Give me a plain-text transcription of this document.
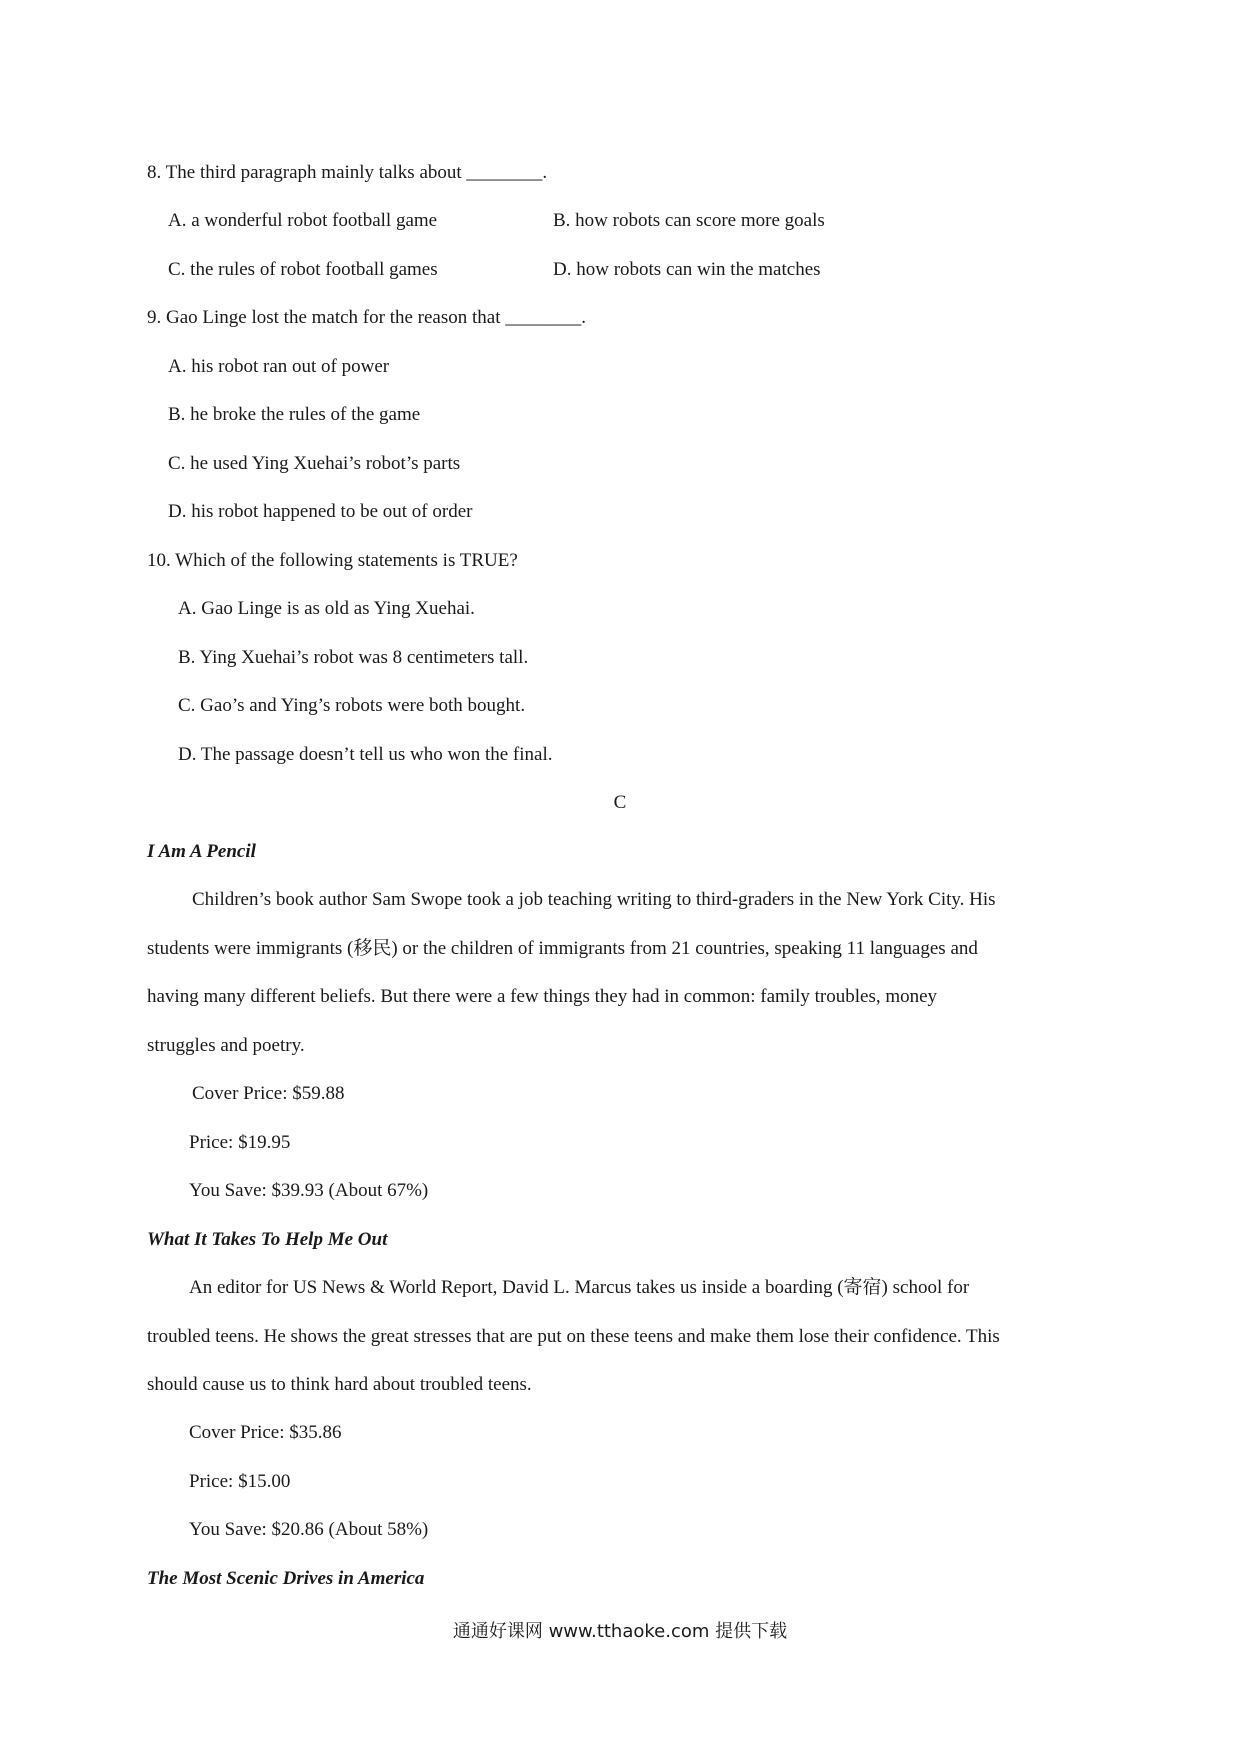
8. The third paragraph mainly talks about ________.
A. a wonderful robot football game	B. how robots can score more goals
C. the rules of robot football games	D. how robots can win the matches
9. Gao Linge lost the match for the reason that ________.
A. his robot ran out of power
B. he broke the rules of the game
C. he used Ying Xuehai’s robot’s parts
D. his robot happened to be out of order
10. Which of the following statements is TRUE?
A. Gao Linge is as old as Ying Xuehai.
B. Ying Xuehai’s robot was 8 centimeters tall.
C. Gao’s and Ying’s robots were both bought.
D. The passage doesn’t tell us who won the final.
C
I Am A Pencil
Children’s book author Sam Swope took a job teaching writing to third-graders in the New York City. His
students were immigrants (移民) or the children of immigrants from 21 countries, speaking 11 languages and
having many different beliefs. But there were a few things they had in common: family troubles, money
struggles and poetry.
Cover Price: $59.88
Price: $19.95
You Save: $39.93 (About 67%)
What It Takes To Help Me Out
An editor for US News & World Report, David L. Marcus takes us inside a boarding (寄宿) school for
troubled teens. He shows the great stresses that are put on these teens and make them lose their confidence. This
should cause us to think hard about troubled teens.
Cover Price: $35.86
Price: $15.00
You Save: $20.86 (About 58%)
The Most Scenic Drives in America
通通好课网 www.tthaoke.com 提供下载
